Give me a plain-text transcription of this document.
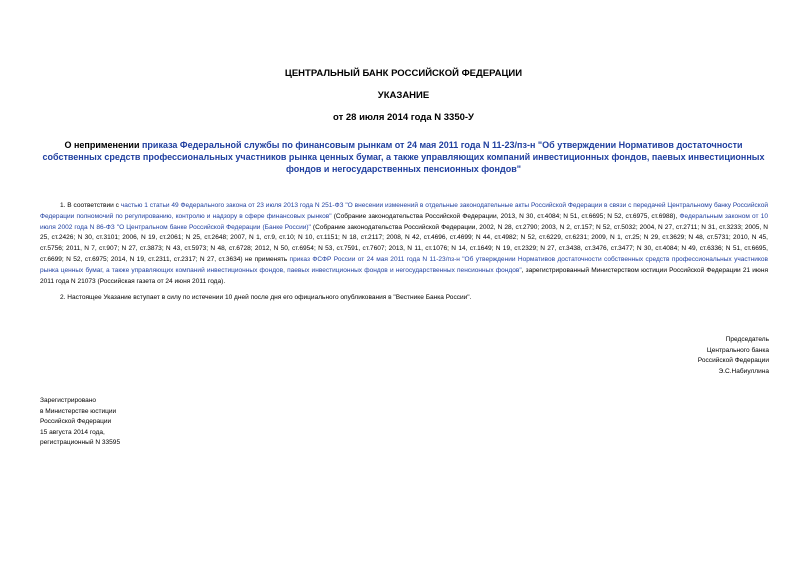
ЦЕНТРАЛЬНЫЙ БАНК РОССИЙСКОЙ ФЕДЕРАЦИИ
УКАЗАНИЕ
от 28 июля 2014 года N 3350-У
О неприменении приказа Федеральной службы по финансовым рынкам от 24 мая 2011 года N 11-23/пз-н "Об утверждении Нормативов достаточности собственных средств профессиональных участников рынка ценных бумаг, а также управляющих компаний инвестиционных фондов, паевых инвестиционных фондов и негосударственных пенсионных фондов"
1. В соответствии с частью 1 статьи 49 Федерального закона от 23 июля 2013 года N 251-ФЗ "О внесении изменений в отдельные законодательные акты Российской Федерации в связи с передачей Центральному банку Российской Федерации полномочий по регулированию, контролю и надзору в сфере финансовых рынков" (Собрание законодательства Российской Федерации, 2013, N 30, ст.4084; N 51, ст.6695; N 52, ст.6975, ст.6988), Федеральным законом от 10 июля 2002 года N 86-ФЗ "О Центральном банке Российской Федерации (Банке России)" (Собрание законодательства Российской Федерации, 2002, N 28, ст.2790; 2003, N 2, ст.157; N 52, ст.5032; 2004, N 27, ст.2711; N 31, ст.3233; 2005, N 25, ст.2426; N 30, ст.3101; 2006, N 19, ст.2061; N 25, ст.2648; 2007, N 1, ст.9, ст.10; N 10, ст.1151; N 18, ст.2117; 2008, N 42, ст.4696, ст.4699; N 44, ст.4982; N 52, ст.6229, ст.6231; 2009, N 1, ст.25; N 29, ст.3629; N 48, ст.5731; 2010, N 45, ст.5756; 2011, N 7, ст.907; N 27, ст.3873; N 43, ст.5973; N 48, ст.6728; 2012, N 50, ст.6954; N 53, ст.7591, ст.7607; 2013, N 11, ст.1076; N 14, ст.1649; N 19, ст.2329; N 27, ст.3438, ст.3476, ст.3477; N 30, ст.4084; N 49, ст.6336; N 51, ст.6695, ст.6699; N 52, ст.6975; 2014, N 19, ст.2311, ст.2317; N 27, ст.3634) не применять приказ ФСФР России от 24 мая 2011 года N 11-23/пз-н "Об утверждении Нормативов достаточности собственных средств профессиональных участников рынка ценных бумаг, а также управляющих компаний инвестиционных фондов, паевых инвестиционных фондов и негосударственных пенсионных фондов", зарегистрированный Министерством юстиции Российской Федерации 21 июня 2011 года N 21073 (Российская газета от 24 июня 2011 года).
2. Настоящее Указание вступает в силу по истечении 10 дней после дня его официального опубликования в "Вестнике Банка России".
Председатель
Центрального банка
Российской Федерации
Э.С.Набиуллина
Зарегистрировано
в Министерстве юстиции
Российской Федерации
15 августа 2014 года,
регистрационный N 33595
